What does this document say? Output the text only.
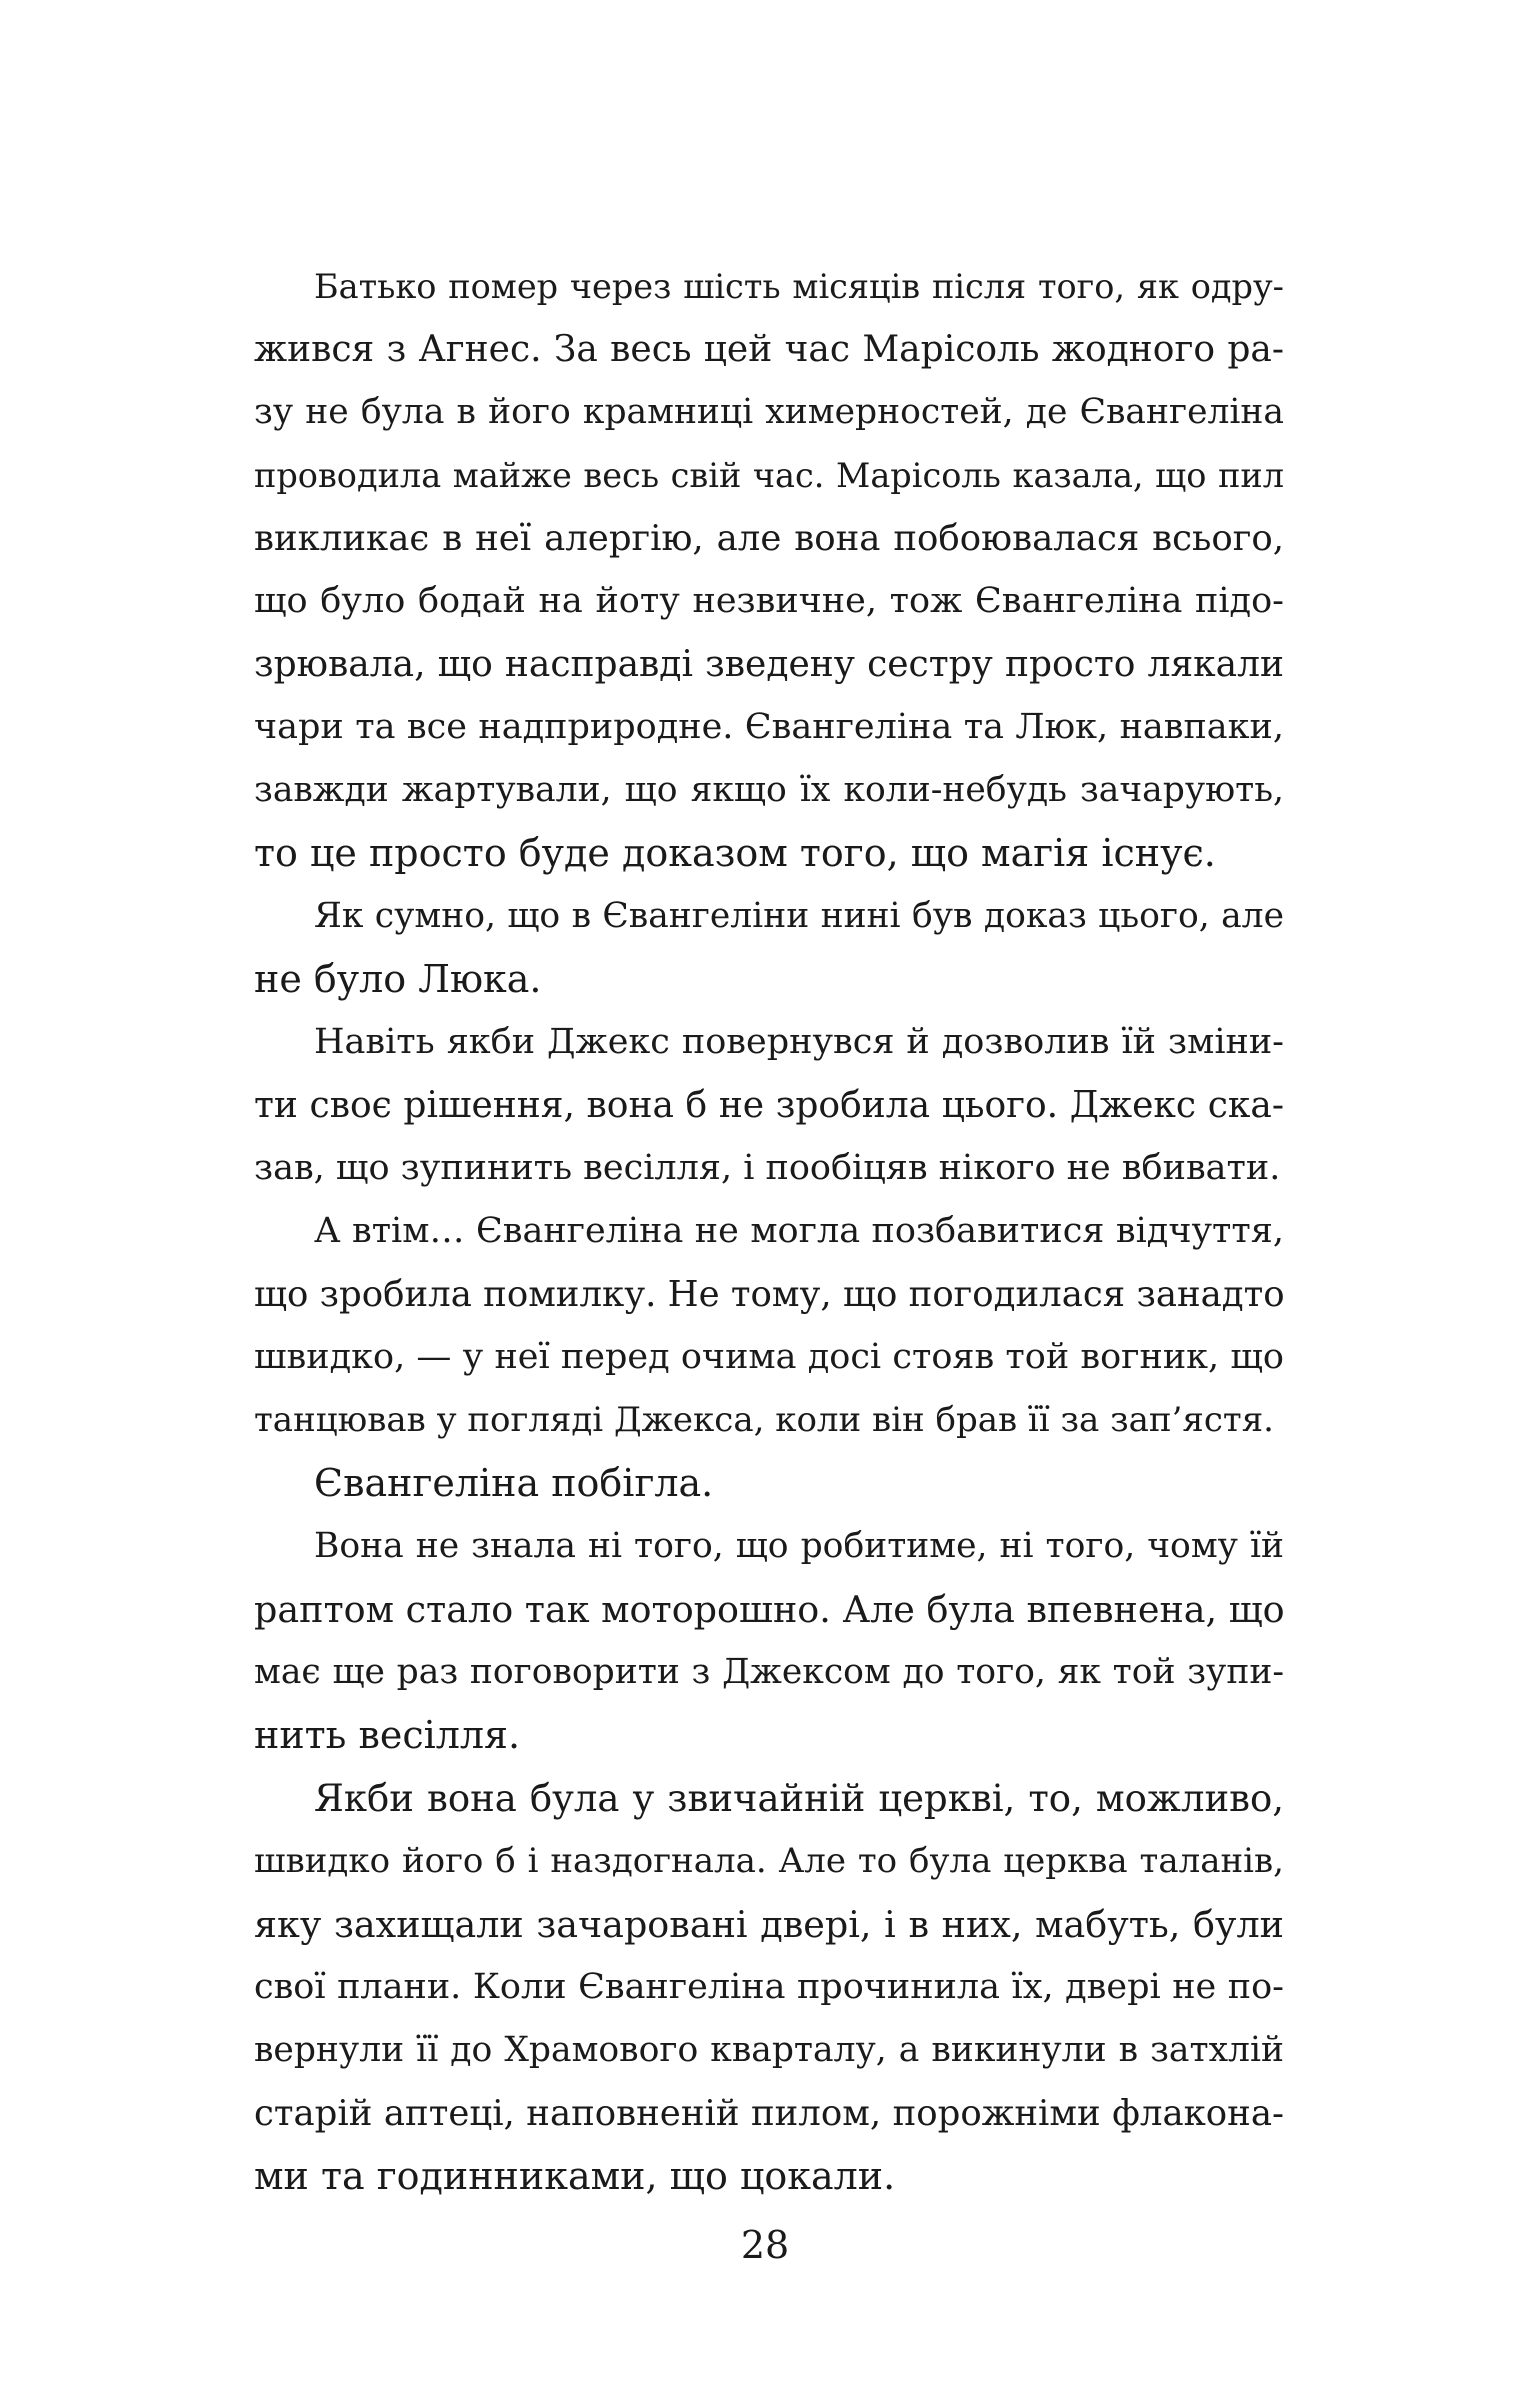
Батько помер через шість місяців після того, як одру-
жився з Агнес. За весь цей час Марісоль жодного ра-
зу не була в його крамниці химерностей, де Євангеліна
проводила майже весь свій час. Марісоль казала, що пил
викликає в неї алергію, але вона побоювалася всього,
що було бодай на йоту незвичне, тож Євангеліна підо-
зрювала, що насправді зведену сестру просто лякали
чари та все надприродне. Євангеліна та Люк, навпаки,
завжди жартували, що якщо їх коли-небудь зачарують,
то це просто буде доказом того, що магія існує.
Як сумно, що в Євангеліни нині був доказ цього, але
не було Люка.
Навіть якби Джекс повернувся й дозволив їй зміни-
ти своє рішення, вона б не зробила цього. Джекс ска-
зав, що зупинить весілля, і пообіцяв нікого не вбивати.
А втім… Євангеліна не могла позбавитися відчуття,
що зробила помилку. Не тому, що погодилася занадто
швидко, — у неї перед очима досі стояв той вогник, що
танцював у погляді Джекса, коли він брав її за зап’ястя.
Євангеліна побігла.
Вона не знала ні того, що робитиме, ні того, чому їй
раптом стало так моторошно. Але була впевнена, що
має ще раз поговорити з Джексом до того, як той зупи-
нить весілля.
Якби вона була у звичайній церкві, то, можливо,
швидко його б і наздогнала. Але то була церква таланів,
яку захищали зачаровані двері, і в них, мабуть, були
свої плани. Коли Євангеліна прочинила їх, двері не по-
вернули її до Храмового кварталу, а викинули в затхлій
старій аптеці, наповненій пилом, порожніми флакона-
ми та годинниками, що цокали.
28
